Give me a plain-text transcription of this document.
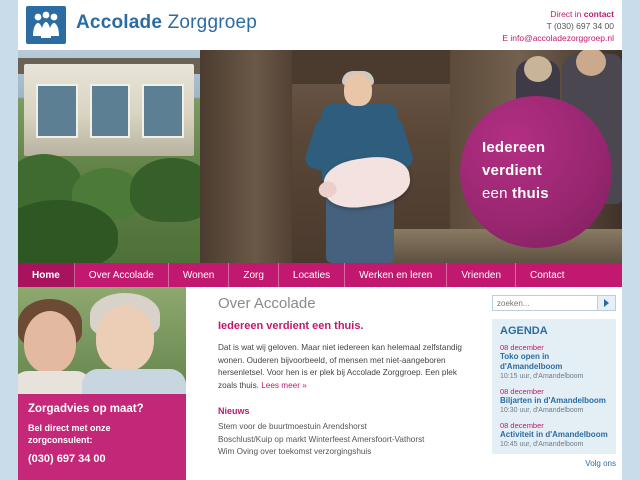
Accolade Zorggroep	Direct in contact
T (030) 697 34 00
E info@accoladezorggroep.nl
Iedereen
verdient
een thuis
Home	Over Accolade	Wonen	Zorg	Locaties	Werken en leren	Vrienden	Contact
Zorgadvies op maat?
Bel direct met onze zorgconsulent:
(030) 697 34 00
Over Accolade
Iedereen verdient een thuis.

Dat is wat wij geloven. Maar niet iedereen kan helemaal zelfstandig wonen. Ouderen bijvoorbeeld, of mensen met niet-aangeboren hersenletsel. Voor hen is er plek bij Accolade Zorggroep. Een plek zoals thuis. Lees meer »

Nieuws
Stem voor de buurtmoestuin Arendshorst
Boschlust/Kuip op markt Winterfeest Amersfoort-Vathorst
Wim Oving over toekomst verzorgingshuis
zoeken...
AGENDA
08 december
Toko open in d'Amandelboom
10:15 uur, d'Amandelboom
08 december
Biljarten in d'Amandelboom
10:30 uur, d'Amandelboom
08 december
Activiteit in d'Amandelboom
10:45 uur, d'Amandelboom
Volg ons
